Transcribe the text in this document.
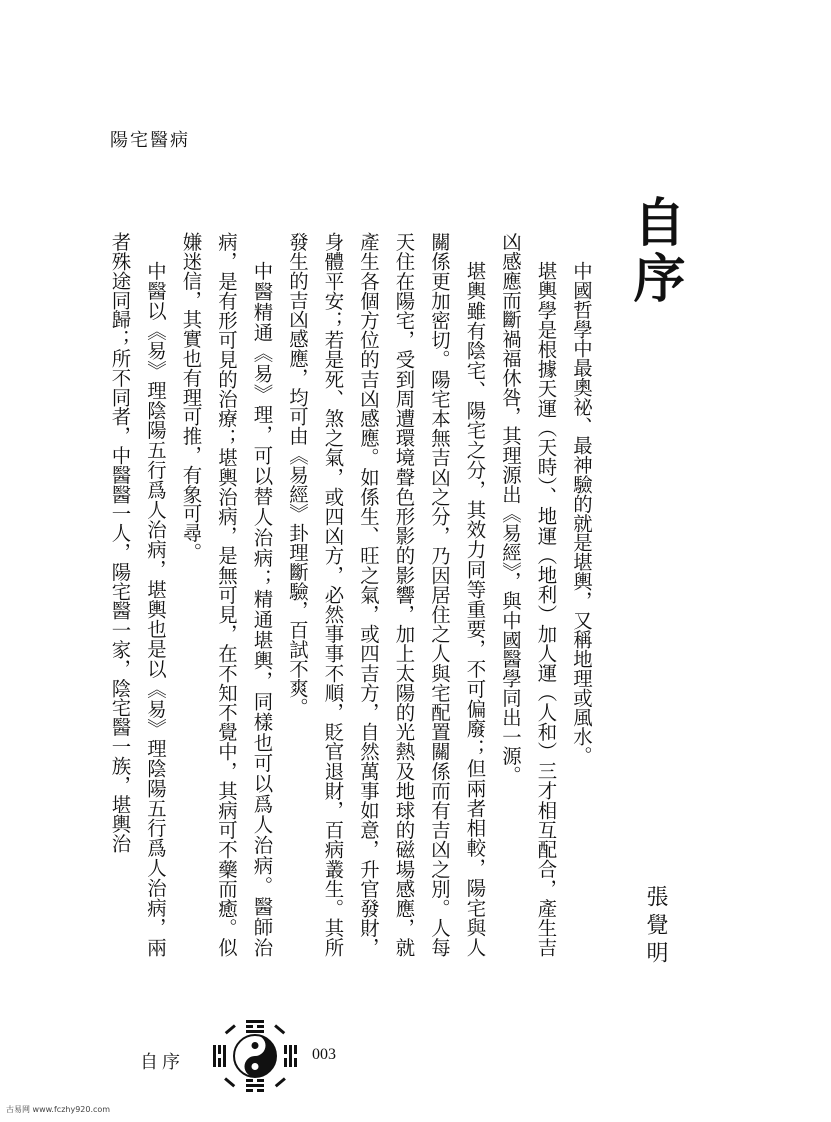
陽宅醫病
自序

中國哲學中最奧祕、最神驗的就是堪輿，又稱地理或風水。

堪輿學是根據天運（天時）、地運（地利）加人運（人和）三才相互配合，產生吉凶感應而斷禍福休咎，其理源出《易經》，與中國醫學同出一源。

堪輿雖有陰宅、陽宅之分，其效力同等重要，不可偏廢；但兩者相較，陽宅與人關係更加密切。陽宅本無吉凶之分，乃因居住之人與宅配置關係而有吉凶之別。人每天住在陽宅，受到周遭環境聲色形影的影響，加上太陽的光熱及地球的磁場感應，就產生各個方位的吉凶感應。如係生、旺之氣，或四吉方，自然萬事如意，升官發財，身體平安；若是死、煞之氣，或四凶方，必然事事不順，貶官退財，百病叢生。其所發生的吉凶感應，均可由《易經》卦理斷驗，百試不爽。

中醫精通《易》理，可以替人治病；精通堪輿，同樣也可以爲人治病。醫師治病，是有形可見的治療；堪輿治病，是無可見，在不知不覺中，其病可不藥而癒。似嫌迷信，其實也有理可推，有象可尋。

中醫以《易》理陰陽五行爲人治病，堪輿也是以《易》理陰陽五行爲人治病，兩者殊途同歸；所不同者，中醫醫一人，陽宅醫一家，陰宅醫一族，堪輿治

張覺明
自序	003
古易网 www.fczhy920.com
